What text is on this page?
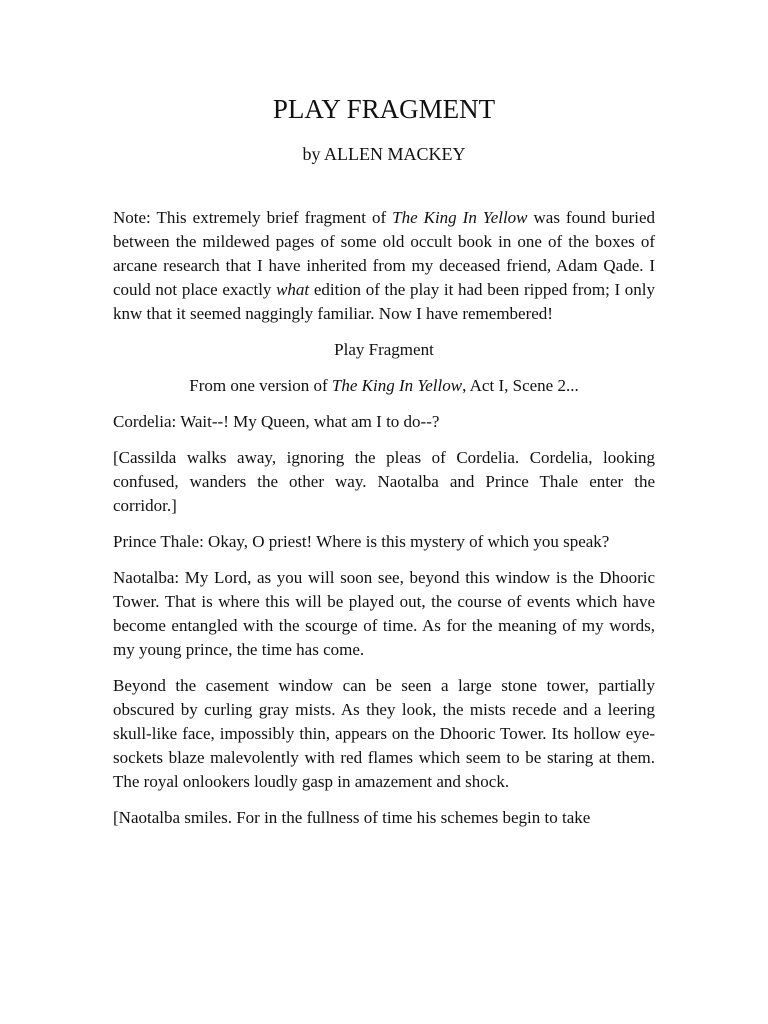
PLAY FRAGMENT
by ALLEN MACKEY

Note: This extremely brief fragment of The King In Yellow was found buried between the mildewed pages of some old occult book in one of the boxes of arcane research that I have inherited from my deceased friend, Adam Qade. I could not place exactly what edition of the play it had been ripped from; I only knw that it seemed naggingly familiar. Now I have remembered!

Play Fragment

From one version of The King In Yellow, Act I, Scene 2...

Cordelia: Wait--! My Queen, what am I to do--?

[Cassilda walks away, ignoring the pleas of Cordelia. Cordelia, looking confused, wanders the other way. Naotalba and Prince Thale enter the corridor.]

Prince Thale: Okay, O priest! Where is this mystery of which you speak?

Naotalba: My Lord, as you will soon see, beyond this window is the Dhooric Tower. That is where this will be played out, the course of events which have become entangled with the scourge of time. As for the meaning of my words, my young prince, the time has come.

Beyond the casement window can be seen a large stone tower, partially obscured by curling gray mists. As they look, the mists recede and a leering skull-like face, impossibly thin, appears on the Dhooric Tower. Its hollow eye-sockets blaze malevolently with red flames which seem to be staring at them. The royal onlookers loudly gasp in amazement and shock.

[Naotalba smiles. For in the fullness of time his schemes begin to take
